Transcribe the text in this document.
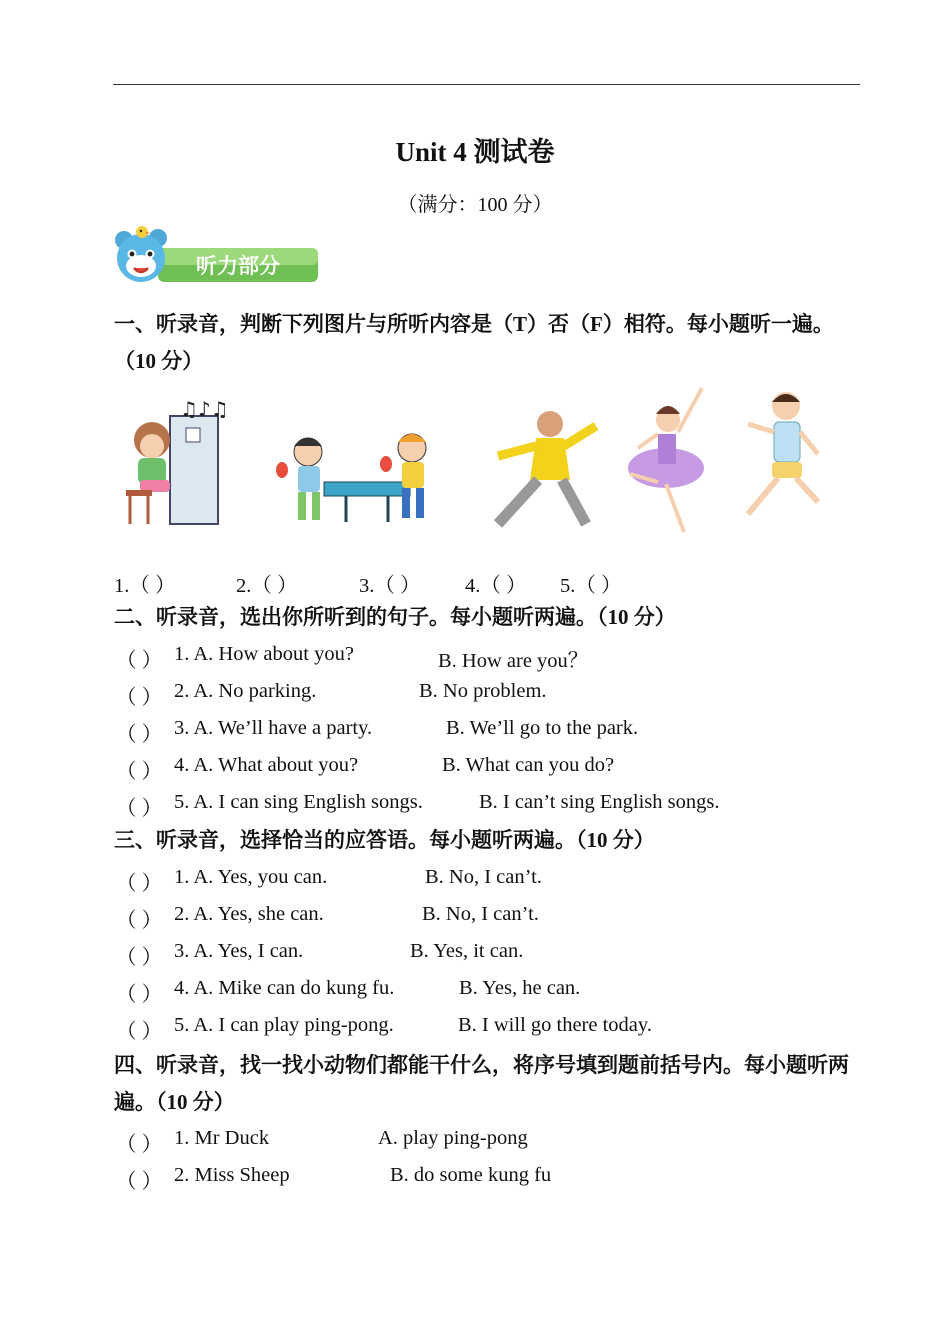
Unit 4 测试卷
（满分：100 分）
听力部分
一、听录音，判断下列图片与所听内容是（T）否（F）相符。每小题听一遍。（10 分）
♫♪♫
1.（ ）	2.（ ）	3.（ ） 4.（ ） 5.（ ）
二、听录音，选出你所听到的句子。每小题听两遍。（10 分）
（ ） 1. A. How about you?	B. How are you？
（ ） 2. A. No parking.	B. No problem.
（ ） 3. A. We’ll have a party.	B. We’ll go to the park.
（ ） 4. A. What about you?	B. What can you do?
（ ） 5. A. I can sing English songs.	B. I can’t sing English songs.
三、听录音，选择恰当的应答语。每小题听两遍。（10 分）
（ ） 1. A. Yes, you can.	B. No, I can’t.
（ ） 2. A. Yes, she can.	B. No, I can’t.
（ ） 3. A. Yes, I can.	B. Yes, it can.
（ ） 4. A. Mike can do kung fu.	B. Yes, he can.
（ ） 5. A. I can play ping-pong.	B. I will go there today.
四、听录音，找一找小动物们都能干什么，将序号填到题前括号内。每小题听两遍。（10 分）
（ ） 1. Mr Duck	A. play ping-pong
（ ） 2. Miss Sheep	B. do some kung fu
